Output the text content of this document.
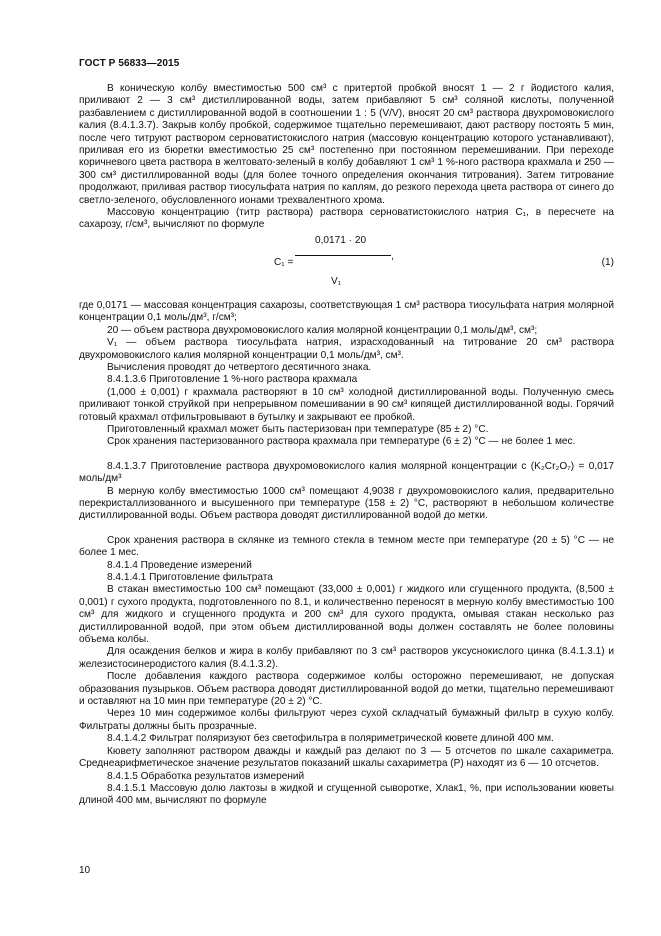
ГОСТ Р 56833—2015

В коническую колбу вместимостью 500 см³ с притертой пробкой вносят 1 — 2 г йодистого калия, приливают 2 — 3 см³ дистиллированной воды, затем прибавляют 5 см³ соляной кислоты, полученной разбавлением с дистиллированной водой в соотношении 1 : 5 (V/V), вносят 20 см³ раствора двухромовокислого калия (8.4.1.3.7). Закрыв колбу пробкой, содержимое тщательно перемешивают, дают раствору постоять 5 мин, после чего титруют раствором серноватистокислого натрия (массовую концентрацию которого устанавливают), приливая его из бюретки вместимостью 25 см³ постепенно при постоянном перемешивании. При переходе коричневого цвета раствора в желтовато-зеленый в колбу добавляют 1 см³ 1 %-ного раствора крахмала и 250 — 300 см³ дистиллированной воды (для более точного определения окончания титрования). Затем титрование продолжают, приливая раствор тиосульфата натрия по каплям, до резкого перехода цвета раствора от синего до светло-зеленого, обусловленного ионами трехвалентного хрома.

Массовую концентрацию (титр раствора) раствора серноватистокислого натрия С₁, в пересчете на сахарозу, г/см³, вычисляют по формуле

C₁ =
0,0171 · 20
V₁
,
(1)

где 0,0171 — массовая концентрация сахарозы, соответствующая 1 см³ раствора тиосульфата натрия молярной концентрации 0,1 моль/дм³, г/см³;

20 — объем раствора двухромовокислого калия молярной концентрации 0,1 моль/дм³, см³;

V₁ — объем раствора тиосульфата натрия, израсходованный на титрование 20 см³ раствора двухромовокислого калия молярной концентрации 0,1 моль/дм³, см³.

Вычисления проводят до четвертого десятичного знака.

8.4.1.3.6 Приготовление 1 %-ного раствора крахмала

(1,000 ± 0,001) г крахмала растворяют в 10 см³ холодной дистиллированной воды. Полученную смесь приливают тонкой струйкой при непрерывном помешивании в 90 см³ кипящей дистиллированной воды. Горячий готовый крахмал отфильтровывают в бутылку и закрывают ее пробкой.

Приготовленный крахмал может быть пастеризован при температуре (85 ± 2) °С.

Срок хранения пастеризованного раствора крахмала при температуре (6 ± 2) °С — не более 1 мес.

8.4.1.3.7 Приготовление раствора двухромовокислого калия молярной концентрации с (K₂Cr₂O₇) = 0,017 моль/дм³

В мерную колбу вместимостью 1000 см³ помещают 4,9038 г двухромовокислого калия, предварительно перекристаллизованного и высушенного при температуре (158 ± 2) °С, растворяют в небольшом количестве дистиллированной воды. Объем раствора доводят дистиллированной водой до метки.

Срок хранения раствора в склянке из темного стекла в темном месте при температуре (20 ± 5) °С — не более 1 мес.

8.4.1.4 Проведение измерений

8.4.1.4.1 Приготовление фильтрата

В стакан вместимостью 100 см³ помещают (33,000 ± 0,001) г жидкого или сгущенного продукта, (8,500 ± 0,001) г сухого продукта, подготовленного по 8.1, и количественно переносят в мерную колбу вместимостью 100 см³ для жидкого и сгущенного продукта и 200 см³ для сухого продукта, омывая стакан несколько раз дистиллированной водой, при этом объем дистиллированной воды должен составлять не более половины объема колбы.

Для осаждения белков и жира в колбу прибавляют по 3 см³ растворов уксуснокислого цинка (8.4.1.3.1) и железистосинеродистого калия (8.4.1.3.2).

После добавления каждого раствора содержимое колбы осторожно перемешивают, не допуская образования пузырьков. Объем раствора доводят дистиллированной водой до метки, тщательно перемешивают и оставляют на 10 мин при температуре (20 ± 2) °С.

Через 10 мин содержимое колбы фильтруют через сухой складчатый бумажный фильтр в сухую колбу. Фильтраты должны быть прозрачные.

8.4.1.4.2 Фильтрат поляризуют без светофильтра в поляриметрической кювете длиной 400 мм.

Кювету заполняют раствором дважды и каждый раз делают по 3 — 5 отсчетов по шкале сахариметра. Среднеарифметическое значение результатов показаний шкалы сахариметра (Р) находят из 6 — 10 отсчетов.

8.4.1.5 Обработка результатов измерений

8.4.1.5.1 Массовую долю лактозы в жидкой и сгущенной сыворотке, Xлак1, %, при использовании кюветы длиной 400 мм, вычисляют по формуле

10
